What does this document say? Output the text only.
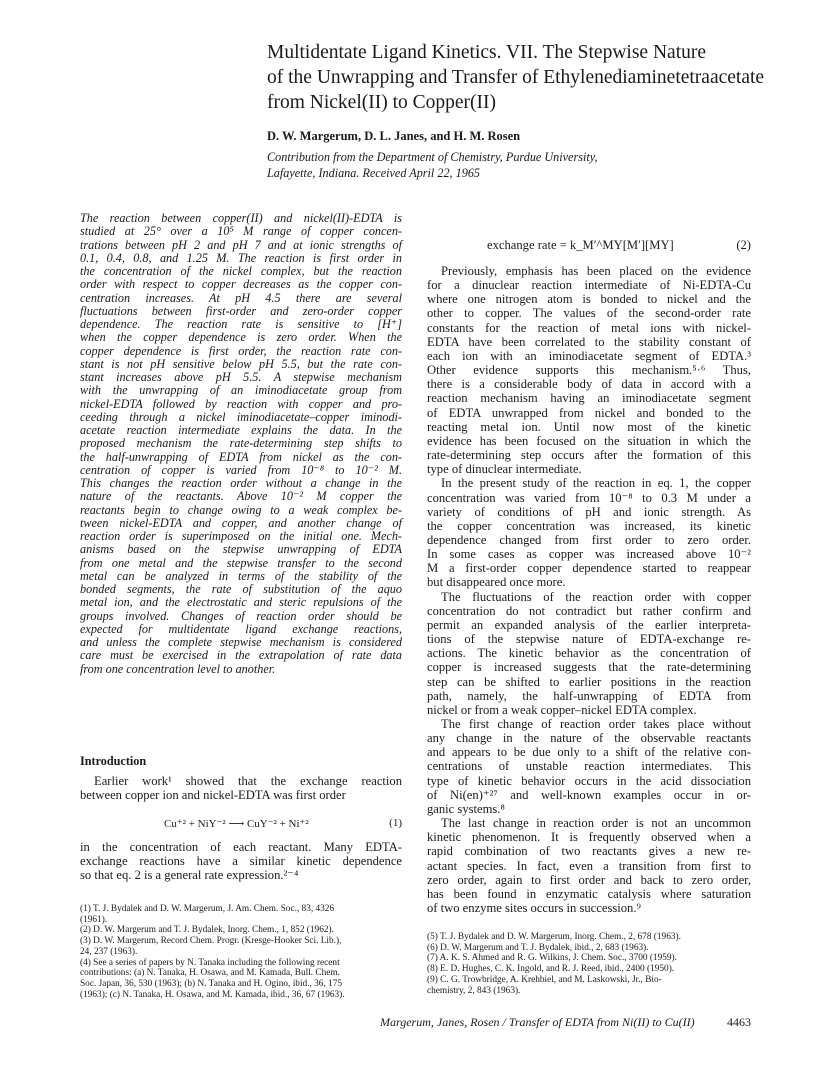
Multidentate Ligand Kinetics. VII. The Stepwise Nature
of the Unwrapping and Transfer of Ethylenediaminetetraacetate
from Nickel(II) to Copper(II)
D. W. Margerum, D. L. Janes, and H. M. Rosen
Contribution from the Department of Chemistry, Purdue University,
Lafayette, Indiana. Received April 22, 1965
The reaction between copper(II) and nickel(II)-EDTA is
studied at 25° over a 10⁵ M range of copper concen-
trations between pH 2 and pH 7 and at ionic strengths of
0.1, 0.4, 0.8, and 1.25 M. The reaction is first order in
the concentration of the nickel complex, but the reaction
order with respect to copper decreases as the copper con-
centration increases. At pH 4.5 there are several
fluctuations between first-order and zero-order copper
dependence. The reaction rate is sensitive to [H⁺]
when the copper dependence is zero order. When the
copper dependence is first order, the reaction rate con-
stant is not pH sensitive below pH 5.5, but the rate con-
stant increases above pH 5.5. A stepwise mechanism
with the unwrapping of an iminodiacetate group from
nickel-EDTA followed by reaction with copper and pro-
ceeding through a nickel iminodiacetate–copper iminodi-
acetate reaction intermediate explains the data. In the
proposed mechanism the rate-determining step shifts to
the half-unwrapping of EDTA from nickel as the con-
centration of copper is varied from 10⁻⁸ to 10⁻² M.
This changes the reaction order without a change in the
nature of the reactants. Above 10⁻² M copper the
reactants begin to change owing to a weak complex be-
tween nickel-EDTA and copper, and another change of
reaction order is superimposed on the initial one. Mech-
anisms based on the stepwise unwrapping of EDTA
from one metal and the stepwise transfer to the second
metal can be analyzed in terms of the stability of the
bonded segments, the rate of substitution of the aquo
metal ion, and the electrostatic and steric repulsions of the
groups involved. Changes of reaction order should be
expected for multidentate ligand exchange reactions,
and unless the complete stepwise mechanism is considered
care must be exercised in the extrapolation of rate data
from one concentration level to another.
Introduction
Earlier work¹ showed that the exchange reaction
between copper ion and nickel-EDTA was first order
Cu⁺² + NiY⁻² ⟶ CuY⁻² + Ni⁺²	(1)
in the concentration of each reactant. Many EDTA-
exchange reactions have a similar kinetic dependence
so that eq. 2 is a general rate expression.²⁻⁴
(1) T. J. Bydalek and D. W. Margerum, J. Am. Chem. Soc., 83, 4326
(1961).
(2) D. W. Margerum and T. J. Bydalek, Inorg. Chem., 1, 852 (1962).
(3) D. W. Margerum, Record Chem. Progr. (Kresge-Hooker Sci. Lib.),
24, 237 (1963).
(4) See a series of papers by N. Tanaka including the following recent
contributions: (a) N. Tanaka, H. Osawa, and M. Kamada, Bull. Chem.
Soc. Japan, 36, 530 (1963); (b) N. Tanaka and H. Ogino, ibid., 36, 175
(1963); (c) N. Tanaka, H. Osawa, and M. Kamada, ibid., 36, 67 (1963).
exchange rate = k_M′^MY[M′][MY]	(2)
Previously, emphasis has been placed on the evidence
for a dinuclear reaction intermediate of Ni-EDTA-Cu
where one nitrogen atom is bonded to nickel and the
other to copper. The values of the second-order rate
constants for the reaction of metal ions with nickel-
EDTA have been correlated to the stability constant of
each ion with an iminodiacetate segment of EDTA.³
Other evidence supports this mechanism.⁵·⁶ Thus,
there is a considerable body of data in accord with a
reaction mechanism having an iminodiacetate segment
of EDTA unwrapped from nickel and bonded to the
reacting metal ion. Until now most of the kinetic
evidence has been focused on the situation in which the
rate-determining step occurs after the formation of this
type of dinuclear intermediate.
In the present study of the reaction in eq. 1, the copper
concentration was varied from 10⁻⁸ to 0.3 M under a
variety of conditions of pH and ionic strength. As
the copper concentration was increased, its kinetic
dependence changed from first order to zero order.
In some cases as copper was increased above 10⁻²
M a first-order copper dependence started to reappear
but disappeared once more.
The fluctuations of the reaction order with copper
concentration do not contradict but rather confirm and
permit an expanded analysis of the earlier interpreta-
tions of the stepwise nature of EDTA-exchange re-
actions. The kinetic behavior as the concentration of
copper is increased suggests that the rate-determining
step can be shifted to earlier positions in the reaction
path, namely, the half-unwrapping of EDTA from
nickel or from a weak copper–nickel EDTA complex.
The first change of reaction order takes place without
any change in the nature of the observable reactants
and appears to be due only to a shift of the relative con-
centrations of unstable reaction intermediates. This
type of kinetic behavior occurs in the acid dissociation
of Ni(en)⁺²⁷ and well-known examples occur in or-
ganic systems.⁸
The last change in reaction order is not an uncommon
kinetic phenomenon. It is frequently observed when a
rapid combination of two reactants gives a new re-
actant species. In fact, even a transition from first to
zero order, again to first order and back to zero order,
has been found in enzymatic catalysis where saturation
of two enzyme sites occurs in succession.⁹
(5) T. J. Bydalek and D. W. Margerum, Inorg. Chem., 2, 678 (1963).
(6) D. W. Margerum and T. J. Bydalek, ibid., 2, 683 (1963).
(7) A. K. S. Ahmed and R. G. Wilkins, J. Chem. Soc., 3700 (1959).
(8) E. D. Hughes, C. K. Ingold, and R. J. Reed, ibid., 2400 (1950).
(9) C. G. Trowbridge, A. Krehbiel, and M. Laskowski, Jr., Bio-
chemistry, 2, 843 (1963).
Margerum, Janes, Rosen / Transfer of EDTA from Ni(II) to Cu(II)	4463
